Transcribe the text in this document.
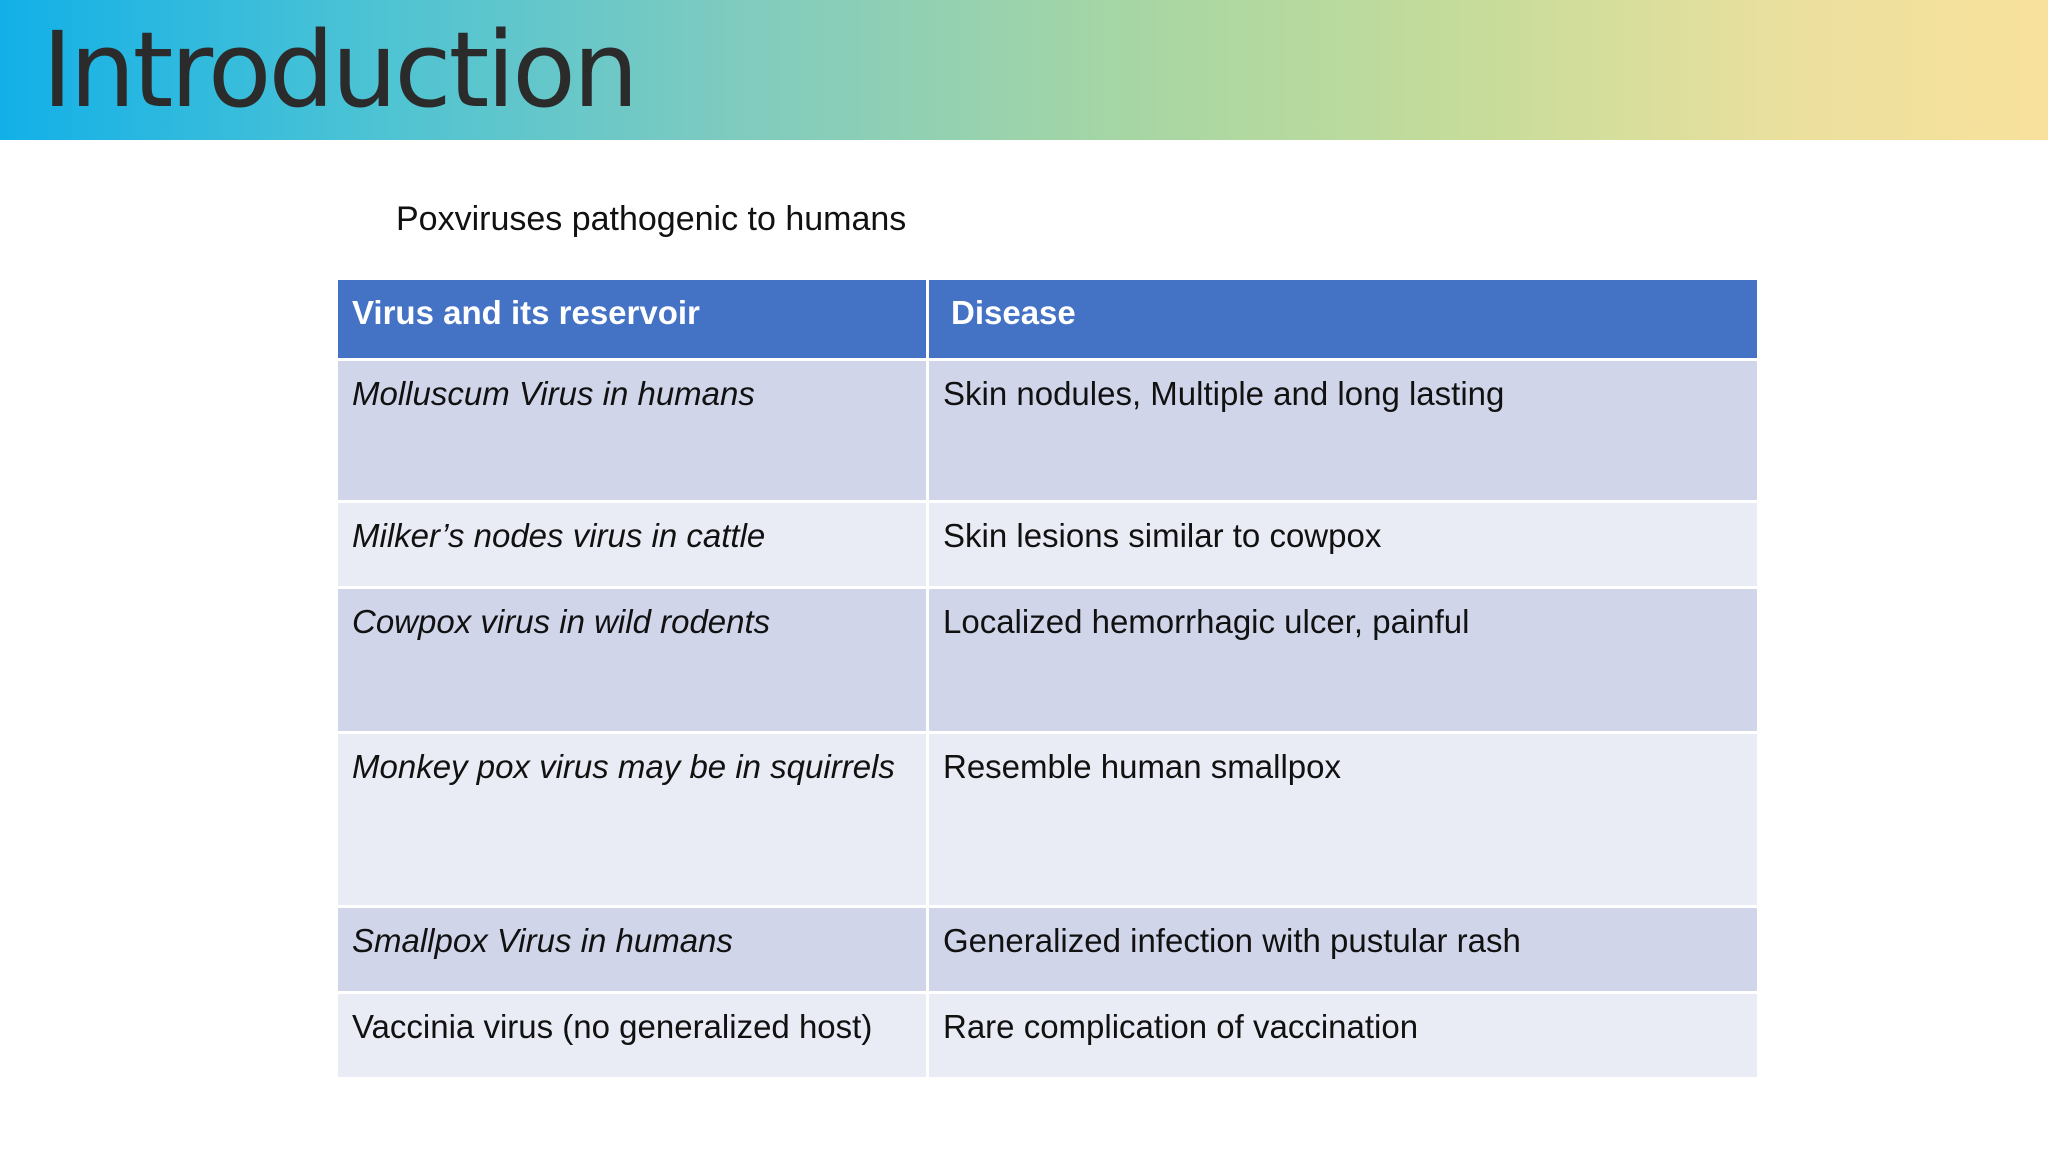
Introduction

Poxviruses pathogenic to humans

Virus and its reservoir	Disease
Molluscum Virus in humans	Skin nodules, Multiple and long lasting
Milker’s nodes virus in cattle	Skin lesions similar to cowpox
Cowpox virus in wild rodents	Localized hemorrhagic ulcer, painful
Monkey pox virus may be in squirrels	Resemble human smallpox
Smallpox Virus in humans	Generalized infection with pustular rash
Vaccinia virus (no generalized host)	Rare complication of vaccination
